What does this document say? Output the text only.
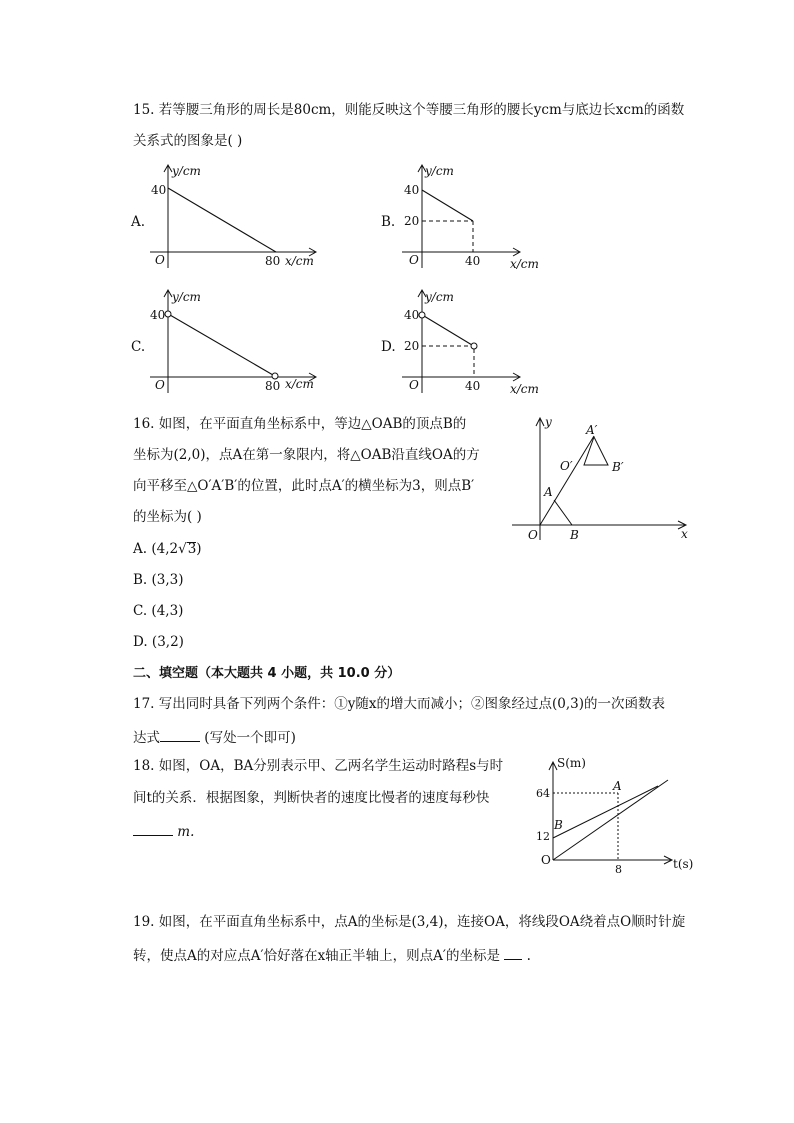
15. 若等腰三角形的周长是80cm，则能反映这个等腰三角形的腰长ycm与底边长xcm的函数
关系式的图象是( )
A.
y/cm
40
O	80 x/cm
B.
y/cm
40
20
O	40 x/cm
C.
y/cm
40
O	80 x/cm
D.
y/cm
40
20
O	40 x/cm
16. 如图，在平面直角坐标系中，等边△OAB的顶点B的
坐标为(2,0)，点A在第一象限内，将△OAB沿直线OA的方
向平移至△O′A′B′的位置，此时点A′的横坐标为3，则点B′
的坐标为( )
A. (4,2√3)
B. (3,3)
C. (4,3)
D. (3,2)
y
x
O
A
B
A′
O′	B′
二、填空题（本大题共 4 小题，共 10.0 分）
17. 写出同时具备下列两个条件：①y随x的增大而减小；②图象经过点(0,3)的一次函数表
达式	(写处一个即可)
18. 如图，OA，BA分别表示甲、乙两名学生运动时路程s与时
间t的关系．根据图象，判断快者的速度比慢者的速度每秒快
m.
S(m)
t(s)
O
A
B
64
12
8
19. 如图，在平面直角坐标系中，点A的坐标是(3,4)，连接OA，将线段OA绕着点O顺时针旋
转，使点A的对应点A′恰好落在x轴正半轴上，则点A′的坐标是 .
